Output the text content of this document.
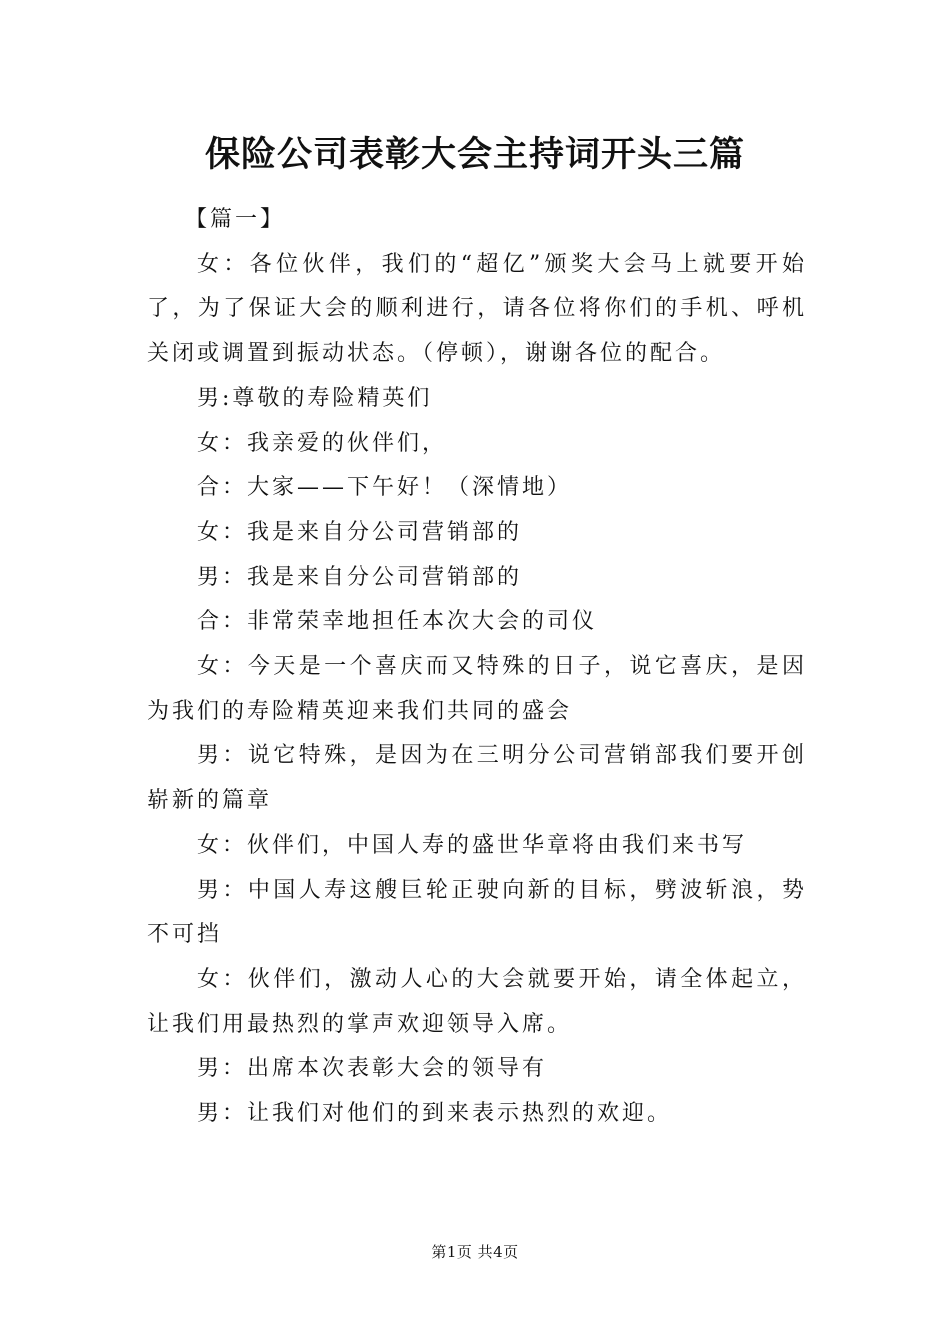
保险公司表彰大会主持词开头三篇

【篇一】

女：各位伙伴，我们的“超亿”颁奖大会马上就要开始了，为了保证大会的顺利进行，请各位将你们的手机、呼机关闭或调置到振动状态。（停顿），谢谢各位的配合。

男:尊敬的寿险精英们

女：我亲爱的伙伴们，

合：大家——下午好！（深情地）

女：我是来自分公司营销部的

男：我是来自分公司营销部的

合：非常荣幸地担任本次大会的司仪

女：今天是一个喜庆而又特殊的日子，说它喜庆，是因为我们的寿险精英迎来我们共同的盛会

男：说它特殊，是因为在三明分公司营销部我们要开创崭新的篇章

女：伙伴们，中国人寿的盛世华章将由我们来书写

男：中国人寿这艘巨轮正驶向新的目标，劈波斩浪，势不可挡

女：伙伴们，激动人心的大会就要开始，请全体起立，让我们用最热烈的掌声欢迎领导入席。

男：出席本次表彰大会的领导有

男：让我们对他们的到来表示热烈的欢迎。

第1页 共4页
